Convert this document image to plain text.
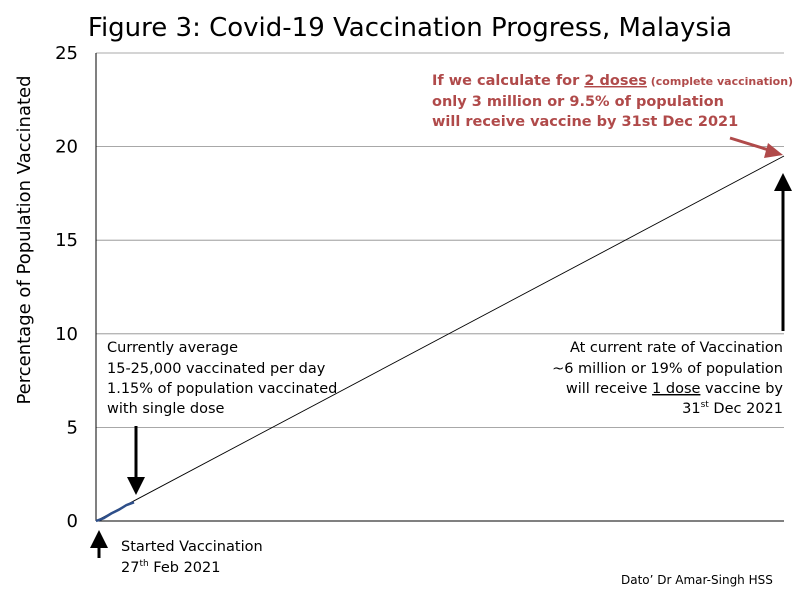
Figure 3: Covid-19 Vaccination Progress, Malaysia
Percentage of Population Vaccinated
0
5
10
15
20
25
Currently average
15-25,000 vaccinated per day
1.15% of population vaccinated
with single dose
Started Vaccination
27th Feb 2021
At current rate of Vaccination
~6 million or 19% of population
will receive 1 dose vaccine by
31st Dec 2021
If we calculate for 2 doses (complete vaccination)
only 3 million or 9.5% of population
will receive vaccine by 31st Dec 2021
Dato’ Dr Amar-Singh HSS
